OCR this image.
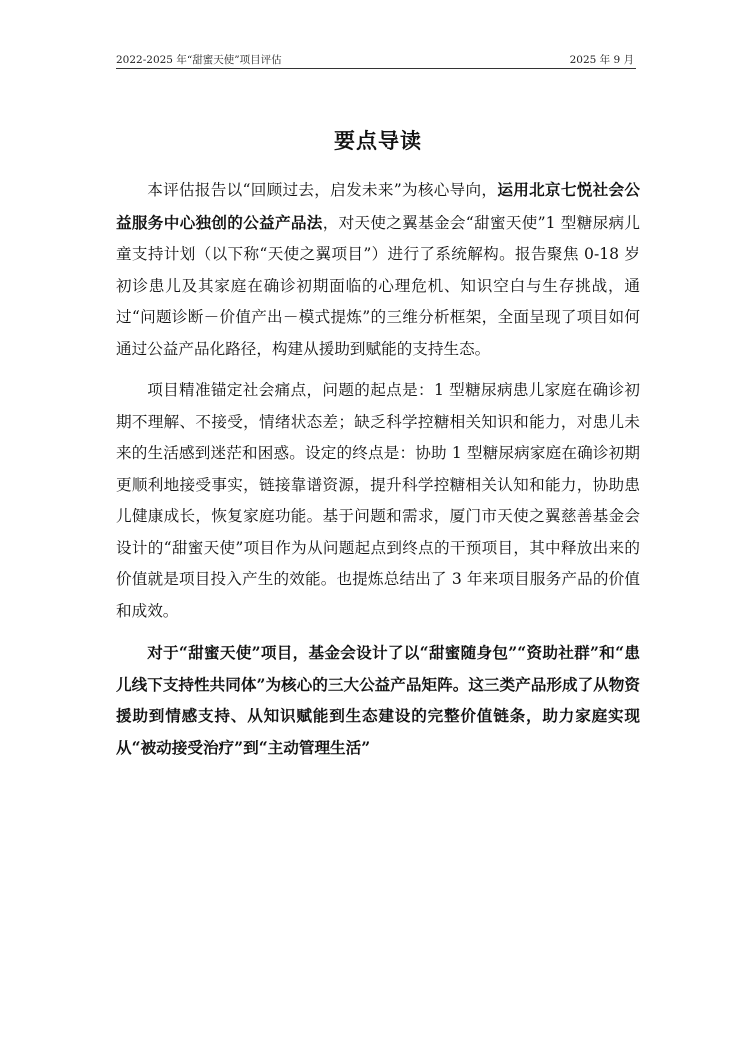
2022-2025 年“甜蜜天使”项目评估	2025 年 9 月
要点导读

本评估报告以“回顾过去，启发未来”为核心导向，运用北京七悦社会公益服务中心独创的公益产品法，对天使之翼基金会“甜蜜天使”1 型糖尿病儿童支持计划（以下称“天使之翼项目”）进行了系统解构。报告聚焦 0-18 岁初诊患儿及其家庭在确诊初期面临的心理危机、知识空白与生存挑战，通过“问题诊断－价值产出－模式提炼”的三维分析框架，全面呈现了项目如何通过公益产品化路径，构建从援助到赋能的支持生态。

项目精准锚定社会痛点，问题的起点是：1 型糖尿病患儿家庭在确诊初期不理解、不接受，情绪状态差；缺乏科学控糖相关知识和能力，对患儿未来的生活感到迷茫和困惑。设定的终点是：协助 1 型糖尿病家庭在确诊初期更顺利地接受事实，链接靠谱资源，提升科学控糖相关认知和能力，协助患儿健康成长，恢复家庭功能。基于问题和需求，厦门市天使之翼慈善基金会设计的“甜蜜天使”项目作为从问题起点到终点的干预项目，其中释放出来的价值就是项目投入产生的效能。也提炼总结出了 3 年来项目服务产品的价值和成效。

对于“甜蜜天使”项目，基金会设计了以“甜蜜随身包”“资助社群”和“患儿线下支持性共同体”为核心的三大公益产品矩阵。这三类产品形成了从物资援助到情感支持、从知识赋能到生态建设的完整价值链条，助力家庭实现从“被动接受治疗”到“主动管理生活”
